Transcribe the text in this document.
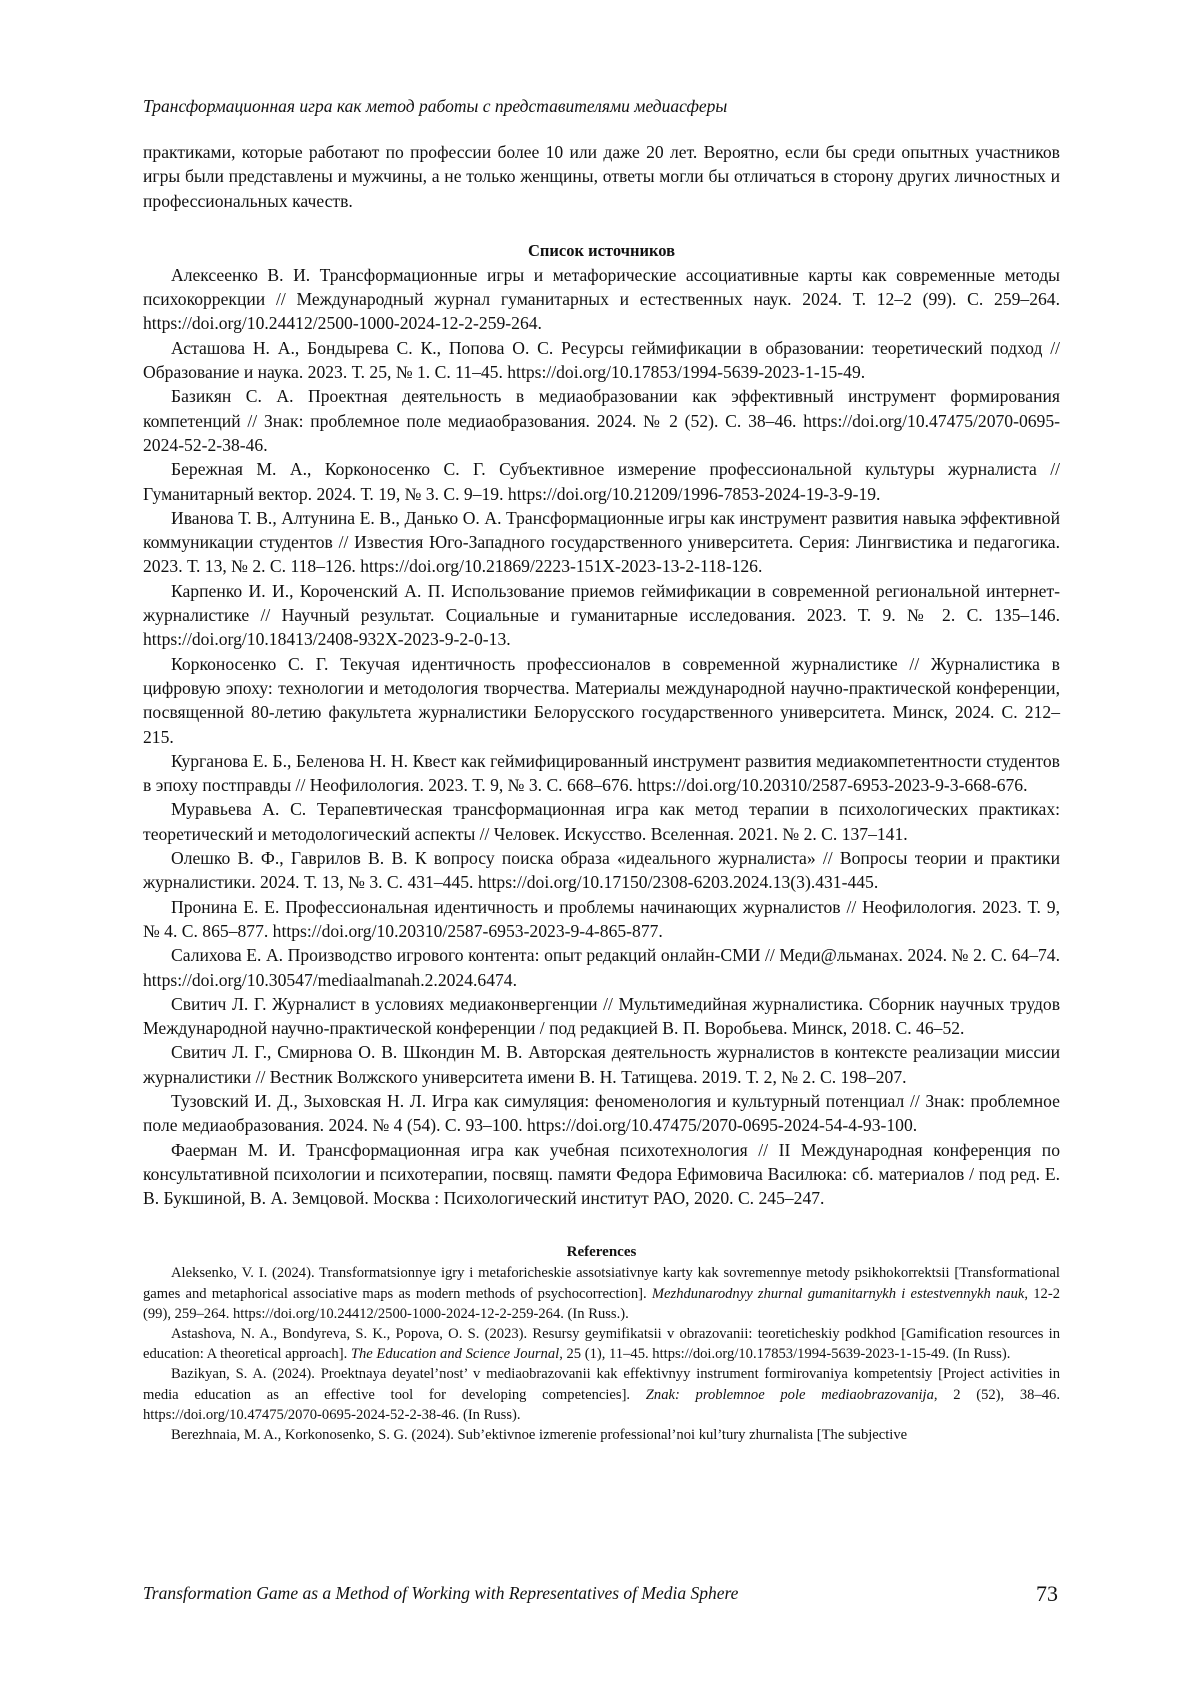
Трансформационная игра как метод работы с представителями медиасферы

практиками, которые работают по профессии более 10 или даже 20 лет. Вероятно, если бы среди опытных участников игры были представлены и мужчины, а не только женщины, ответы могли бы отличаться в сторону других личностных и профессиональных качеств.

Список источников
Алексеенко В. И. Трансформационные игры и метафорические ассоциативные карты как современные методы психокоррекции // Международный журнал гуманитарных и естественных наук. 2024. Т. 12–2 (99). С. 259–264. https://doi.org/10.24412/2500-1000-2024-12-2-259-264.
Асташова Н. А., Бондырева С. К., Попова О. С. Ресурсы геймификации в образовании: теоретический подход // Образование и наука. 2023. Т. 25, № 1. С. 11–45. https://doi.org/10.17853/1994-5639-2023-1-15-49.
Базикян С. А. Проектная деятельность в медиаобразовании как эффективный инструмент формирования компетенций // Знак: проблемное поле медиаобразования. 2024. № 2 (52). С. 38–46. https://doi.org/10.47475/2070-0695-2024-52-2-38-46.
Бережная М. А., Корконосенко С. Г. Субъективное измерение профессиональной культуры журналиста // Гуманитарный вектор. 2024. Т. 19, № 3. С. 9–19. https://doi.org/10.21209/1996-7853-2024-19-3-9-19.
Иванова Т. В., Алтунина Е. В., Данько О. А. Трансформационные игры как инструмент развития навыка эффективной коммуникации студентов // Известия Юго-Западного государственного университета. Серия: Лингвистика и педагогика. 2023. Т. 13, № 2. С. 118–126. https://doi.org/10.21869/2223-151X-2023-13-2-118-126.
Карпенко И. И., Короченский А. П. Использование приемов геймификации в современной региональной интернет-журналистике // Научный результат. Социальные и гуманитарные исследования. 2023. Т. 9. № 2. С. 135–146. https://doi.org/10.18413/2408-932X-2023-9-2-0-13.
Корконосенко С. Г. Текучая идентичность профессионалов в современной журналистике // Журналистика в цифровую эпоху: технологии и методология творчества. Материалы международной научно-практической конференции, посвященной 80-летию факультета журналистики Белорусского государственного университета. Минск, 2024. С. 212–215.
Курганова Е. Б., Беленова Н. Н. Квест как геймифицированный инструмент развития медиакомпетентности студентов в эпоху постправды // Неофилология. 2023. Т. 9, № 3. С. 668–676. https://doi.org/10.20310/2587-6953-2023-9-3-668-676.
Муравьева А. С. Терапевтическая трансформационная игра как метод терапии в психологических практиках: теоретический и методологический аспекты // Человек. Искусство. Вселенная. 2021. № 2. С. 137–141.
Олешко В. Ф., Гаврилов В. В. К вопросу поиска образа «идеального журналиста» // Вопросы теории и практики журналистики. 2024. Т. 13, № 3. С. 431–445. https://doi.org/10.17150/2308-6203.2024.13(3).431-445.
Пронина Е. Е. Профессиональная идентичность и проблемы начинающих журналистов // Неофилология. 2023. Т. 9, № 4. С. 865–877. https://doi.org/10.20310/2587-6953-2023-9-4-865-877.
Салихова Е. А. Производство игрового контента: опыт редакций онлайн-СМИ // Меди@льманах. 2024. № 2. С. 64–74. https://doi.org/10.30547/mediaalmanah.2.2024.6474.
Свитич Л. Г. Журналист в условиях медиаконвергенции // Мультимедийная журналистика. Сборник научных трудов Международной научно-практической конференции / под редакцией В. П. Воробьева. Минск, 2018. С. 46–52.
Свитич Л. Г., Смирнова О. В. Шкондин М. В. Авторская деятельность журналистов в контексте реализации миссии журналистики // Вестник Волжского университета имени В. Н. Татищева. 2019. Т. 2, № 2. С. 198–207.
Тузовский И. Д., Зыховская Н. Л. Игра как симуляция: феноменология и культурный потенциал // Знак: проблемное поле медиаобразования. 2024. № 4 (54). С. 93–100. https://doi.org/10.47475/2070-0695-2024-54-4-93-100.
Фаерман М. И. Трансформационная игра как учебная психотехнология // II Международная конференция по консультативной психологии и психотерапии, посвящ. памяти Федора Ефимовича Василюка: сб. материалов / под ред. Е. В. Букшиной, В. А. Земцовой. Москва : Психологический институт РАО, 2020. С. 245–247.
References
Aleksenko, V. I. (2024). Transformatsionnye igry i metaforicheskie assotsiativnye karty kak sovremennye metody psikhokorrektsii [Transformational games and metaphorical associative maps as modern methods of psychocorrection]. Mezhdunarodnyy zhurnal gumanitarnykh i estestvennykh nauk, 12-2 (99), 259–264. https://doi.org/10.24412/2500-1000-2024-12-2-259-264. (In Russ.).
Astashova, N. A., Bondyreva, S. K., Popova, O. S. (2023). Resursy geymifikatsii v obrazovanii: teoreticheskiy podkhod [Gamification resources in education: A theoretical approach]. The Education and Science Journal, 25 (1), 11–45. https://doi.org/10.17853/1994-5639-2023-1-15-49. (In Russ).
Bazikyan, S. A. (2024). Proektnaya deyatel’nost’ v mediaobrazovanii kak effektivnyy instrument formirovaniya kompetentsiy [Project activities in media education as an effective tool for developing competencies]. Znak: problemnoe pole mediaobrazovanija, 2 (52), 38–46. https://doi.org/10.47475/2070-0695-2024-52-2-38-46. (In Russ).
Berezhnaia, M. A., Korkonosenko, S. G. (2024). Sub’ektivnoe izmerenie professional’noi kul’tury zhurnalista [The subjective
Transformation Game as a Method of Working with Representatives of Media Sphere	73
